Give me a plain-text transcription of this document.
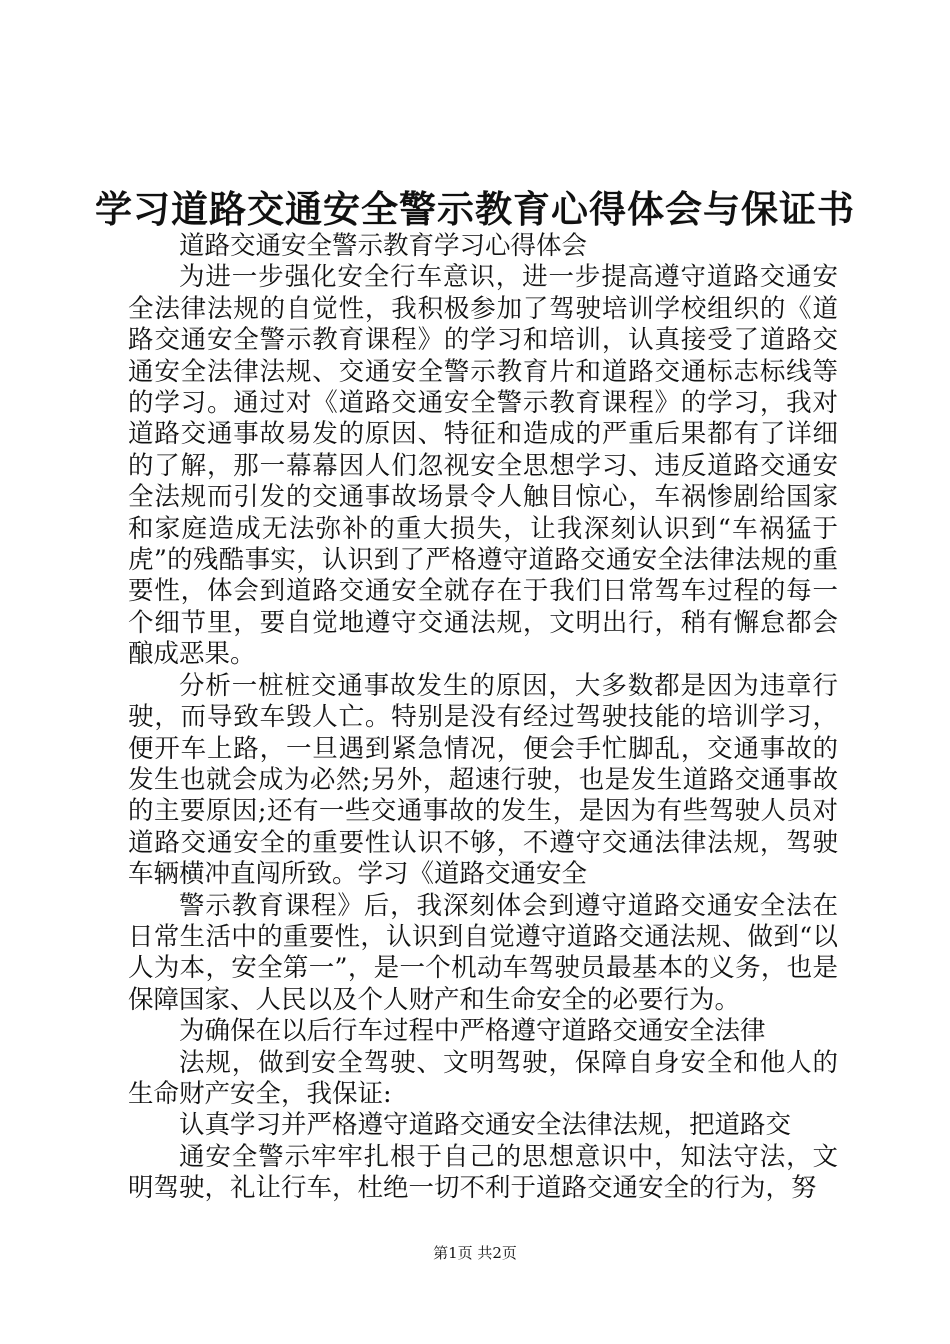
学习道路交通安全警示教育心得体会与保证书

道路交通安全警示教育学习心得体会

为进一步强化安全行车意识，进一步提高遵守道路交通安全法律法规的自觉性，我积极参加了驾驶培训学校组织的《道路交通安全警示教育课程》的学习和培训，认真接受了道路交通安全法律法规、交通安全警示教育片和道路交通标志标线等的学习。通过对《道路交通安全警示教育课程》的学习，我对道路交通事故易发的原因、特征和造成的严重后果都有了详细的了解，那一幕幕因人们忽视安全思想学习、违反道路交通安全法规而引发的交通事故场景令人触目惊心，车祸惨剧给国家和家庭造成无法弥补的重大损失，让我深刻认识到“车祸猛于虎”的残酷事实，认识到了严格遵守道路交通安全法律法规的重要性，体会到道路交通安全就存在于我们日常驾车过程的每一个细节里，要自觉地遵守交通法规，文明出行，稍有懈怠都会酿成恶果。

分析一桩桩交通事故发生的原因，大多数都是因为违章行驶，而导致车毁人亡。特别是没有经过驾驶技能的培训学习，便开车上路，一旦遇到紧急情况，便会手忙脚乱，交通事故的发生也就会成为必然;另外，超速行驶，也是发生道路交通事故的主要原因;还有一些交通事故的发生，是因为有些驾驶人员对道路交通安全的重要性认识不够，不遵守交通法律法规，驾驶车辆横冲直闯所致。学习《道路交通安全

警示教育课程》后，我深刻体会到遵守道路交通安全法在日常生活中的重要性，认识到自觉遵守道路交通法规、做到“以人为本，安全第一”，是一个机动车驾驶员最基本的义务，也是保障国家、人民以及个人财产和生命安全的必要行为。

为确保在以后行车过程中严格遵守道路交通安全法律

法规，做到安全驾驶、文明驾驶，保障自身安全和他人的生命财产安全，我保证:

认真学习并严格遵守道路交通安全法律法规，把道路交

通安全警示牢牢扎根于自己的思想意识中，知法守法，文明驾驶，礼让行车，杜绝一切不利于道路交通安全的行为，努

第1页 共2页
